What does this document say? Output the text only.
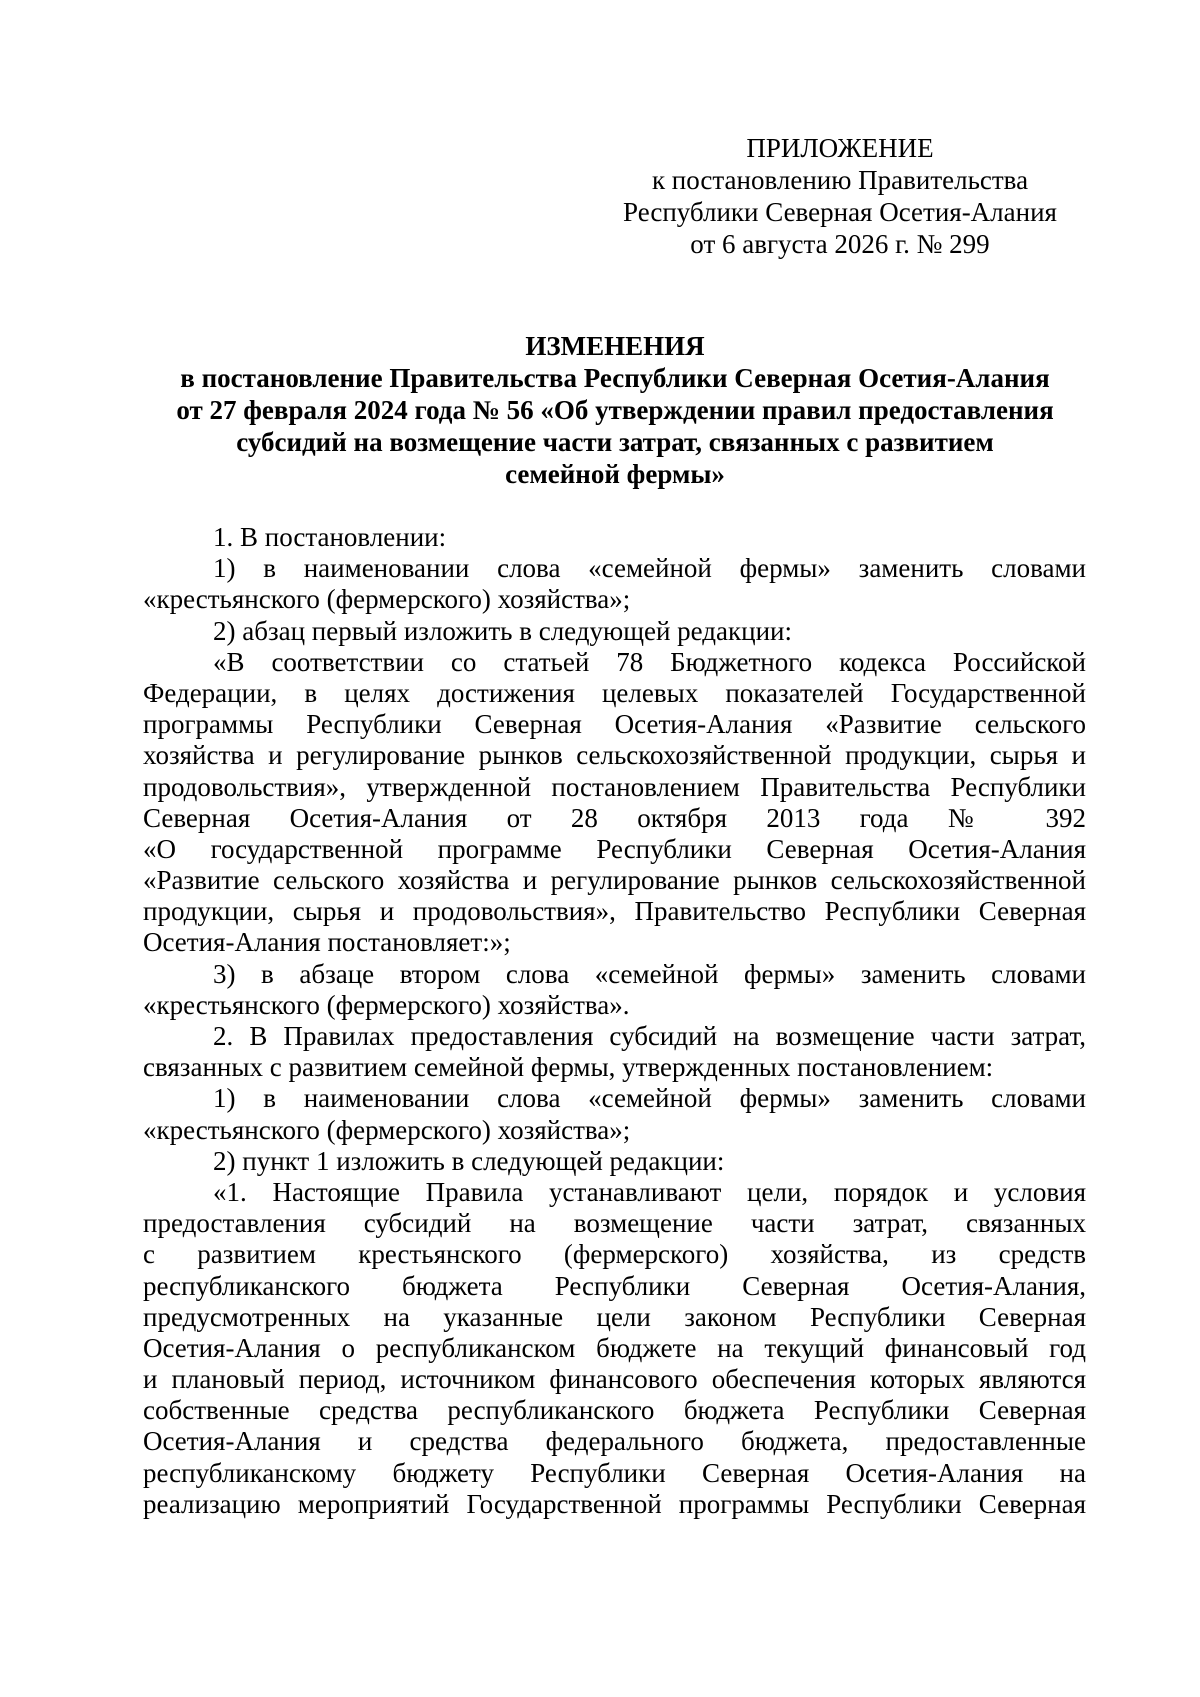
ПРИЛОЖЕНИЕ
к постановлению Правительства
Республики Северная Осетия-Алания
от 6 августа 2026 г. № 299
ИЗМЕНЕНИЯ
в постановление Правительства Республики Северная Осетия-Алания
от 27 февраля 2024 года № 56 «Об утверждении правил предоставления
субсидий на возмещение части затрат, связанных с развитием
семейной фермы»
1. В постановлении:
1) в наименовании слова «семейной фермы» заменить словами
«крестьянского (фермерского) хозяйства»;
2) абзац первый изложить в следующей редакции:
«В соответствии со статьей 78 Бюджетного кодекса Российской
Федерации, в целях достижения целевых показателей Государственной
программы Республики Северная Осетия-Алания «Развитие сельского
хозяйства и регулирование рынков сельскохозяйственной продукции, сырья и
продовольствия», утвержденной постановлением Правительства Республики
Северная Осетия-Алания от 28 октября 2013 года № 392
«О государственной программе Республики Северная Осетия-Алания
«Развитие сельского хозяйства и регулирование рынков сельскохозяйственной
продукции, сырья и продовольствия», Правительство Республики Северная
Осетия-Алания постановляет:»;
3) в абзаце втором слова «семейной фермы» заменить словами
«крестьянского (фермерского) хозяйства».
2. В Правилах предоставления субсидий на возмещение части затрат,
связанных с развитием семейной фермы, утвержденных постановлением:
1) в наименовании слова «семейной фермы» заменить словами
«крестьянского (фермерского) хозяйства»;
2) пункт 1 изложить в следующей редакции:
«1. Настоящие Правила устанавливают цели, порядок и условия
предоставления субсидий на возмещение части затрат, связанных
с развитием крестьянского (фермерского) хозяйства, из средств
республиканского бюджета Республики Северная Осетия-Алания,
предусмотренных на указанные цели законом Республики Северная
Осетия-Алания о республиканском бюджете на текущий финансовый год
и плановый период, источником финансового обеспечения которых являются
собственные средства республиканского бюджета Республики Северная
Осетия-Алания и средства федерального бюджета, предоставленные
республиканскому бюджету Республики Северная Осетия-Алания на
реализацию мероприятий Государственной программы Республики Северная
